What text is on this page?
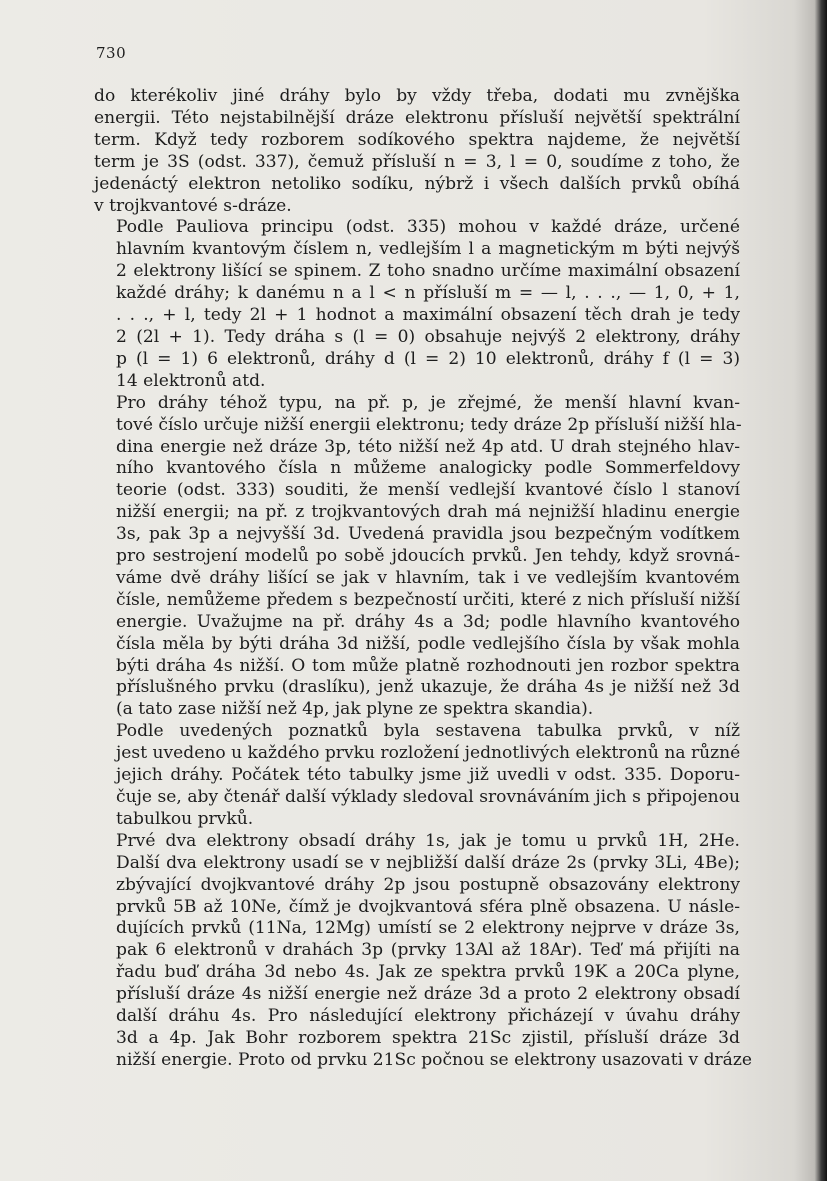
730

do kterékoliv jiné dráhy bylo by vždy třeba, dodati mu zvnějška
energii. Této nejstabilnější dráze elektronu přísluší největší spektrální
term. Když tedy rozborem sodíkového spektra najdeme, že největší
term je 3S (odst. 337), čemuž přísluší n = 3, l = 0, soudíme z toho, že
jedenáctý elektron netoliko sodíku, nýbrž i všech dalších prvků obíhá
v trojkvantové s-dráze.

Podle Pauliova principu (odst. 335) mohou v každé dráze, určené
hlavním kvantovým číslem n, vedlejším l a magnetickým m býti nejvýš
2 elektrony lišící se spinem. Z toho snadno určíme maximální obsazení
každé dráhy; k danému n a l < n přísluší m = — l, . . ., — 1, 0, + 1,
. . ., + l, tedy 2l + 1 hodnot a maximální obsazení těch drah je tedy
2 (2l + 1). Tedy dráha s (l = 0) obsahuje nejvýš 2 elektrony, dráhy
p (l = 1) 6 elektronů, dráhy d (l = 2) 10 elektronů, dráhy f (l = 3)
14 elektronů atd.

Pro dráhy téhož typu, na př. p, je zřejmé, že menší hlavní kvan-
tové číslo určuje nižší energii elektronu; tedy dráze 2p přísluší nižší hla-
dina energie než dráze 3p, této nižší než 4p atd. U drah stejného hlav-
ního kvantového čísla n můžeme analogicky podle Sommerfeldovy
teorie (odst. 333) souditi, že menší vedlejší kvantové číslo l stanoví
nižší energii; na př. z trojkvantových drah má nejnižší hladinu energie
3s, pak 3p a nejvyšší 3d. Uvedená pravidla jsou bezpečným vodítkem
pro sestrojení modelů po sobě jdoucích prvků. Jen tehdy, když srovná-
váme dvě dráhy lišící se jak v hlavním, tak i ve vedlejším kvantovém
čísle, nemůžeme předem s bezpečností určiti, které z nich přísluší nižší
energie. Uvažujme na př. dráhy 4s a 3d; podle hlavního kvantového
čísla měla by býti dráha 3d nižší, podle vedlejšího čísla by však mohla
býti dráha 4s nižší. O tom může platně rozhodnouti jen rozbor spektra
příslušného prvku (draslíku), jenž ukazuje, že dráha 4s je nižší než 3d
(a tato zase nižší než 4p, jak plyne ze spektra skandia).

Podle uvedených poznatků byla sestavena tabulka prvků, v níž
jest uvedeno u každého prvku rozložení jednotlivých elektronů na různé
jejich dráhy. Počátek této tabulky jsme již uvedli v odst. 335. Doporu-
čuje se, aby čtenář další výklady sledoval srovnáváním jich s připojenou
tabulkou prvků.

Prvé dva elektrony obsadí dráhy 1s, jak je tomu u prvků 1H, 2He.
Další dva elektrony usadí se v nejbližší další dráze 2s (prvky 3Li, 4Be);
zbývající dvojkvantové dráhy 2p jsou postupně obsazovány elektrony
prvků 5B až 10Ne, čímž je dvojkvantová sféra plně obsazena. U násle-
dujících prvků (11Na, 12Mg) umístí se 2 elektrony nejprve v dráze 3s,
pak 6 elektronů v drahách 3p (prvky 13Al až 18Ar). Teď má přijíti na
řadu buď dráha 3d nebo 4s. Jak ze spektra prvků 19K a 20Ca plyne,
přísluší dráze 4s nižší energie než dráze 3d a proto 2 elektrony obsadí
další dráhu 4s. Pro následující elektrony přicházejí v úvahu dráhy
3d a 4p. Jak Bohr rozborem spektra 21Sc zjistil, přísluší dráze 3d
nižší energie. Proto od prvku 21Sc počnou se elektrony usazovati v dráze
